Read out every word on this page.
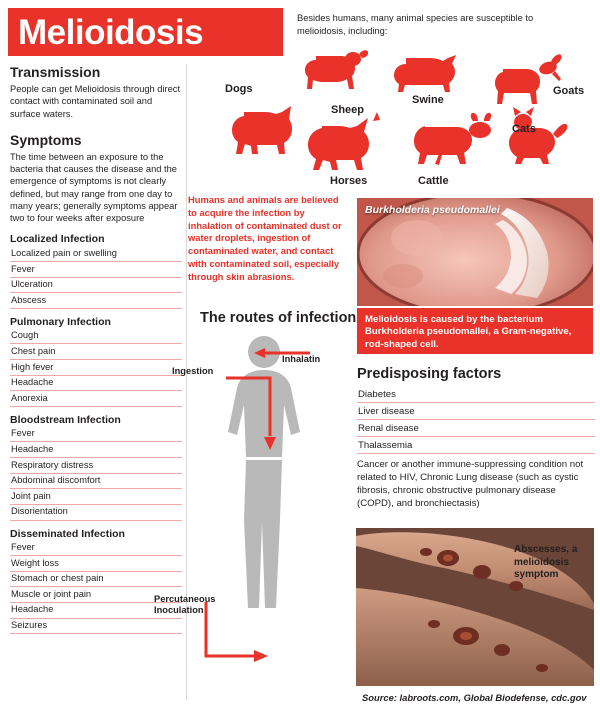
Melioidosis	Besides humans, many animal species are susceptible to melioidosis, including:
Dogs
Sheep
Swine
Goats
Horses	Cattle
Cats
Transmission

People can get Melioidosis through direct contact with contaminated soil and surface waters.

Symptoms

The time between an exposure to the bacteria that causes the disease and the emergence of symptoms is not clearly defined, but may range from one day to many years; generally symptoms appear two to four weeks after exposure

Localized Infection
Localized pain or swelling
Fever
Ulceration
Abscess
Pulmonary Infection
Cough
Chest pain
High fever
Headache
Anorexia
Bloodstream Infection
Fever
Headache
Respiratory distress
Abdominal discomfort
Joint pain
Disorientation
Disseminated Infection
Fever
Weight loss
Stomach or chest pain
Muscle or joint pain
Headache
Seizures
Humans and animals are believed to acquire the infection by inhalation of contaminated dust or water droplets, ingestion of contaminated water, and contact with contaminated soil, especially through skin abrasions.
The routes of infection
Inhalatin
Ingestion
Percutaneous Inoculation
Burkholderia pseudomallei
Melioidosis is caused by the bacterium Burkholderia pseudomallei, a Gram-negative, rod-shaped cell.
Predisposing factors
Diabetes
Liver disease
Renal disease
Thalassemia
Cancer or another immune-suppressing condition not related to HIV, Chronic Lung disease (such as cystic fibrosis, chronic obstructive pulmonary disease (COPD), and bronchiectasis)
Abscesses, a melioidosis symptom
Source: labroots.com, Global Biodefense, cdc.gov
